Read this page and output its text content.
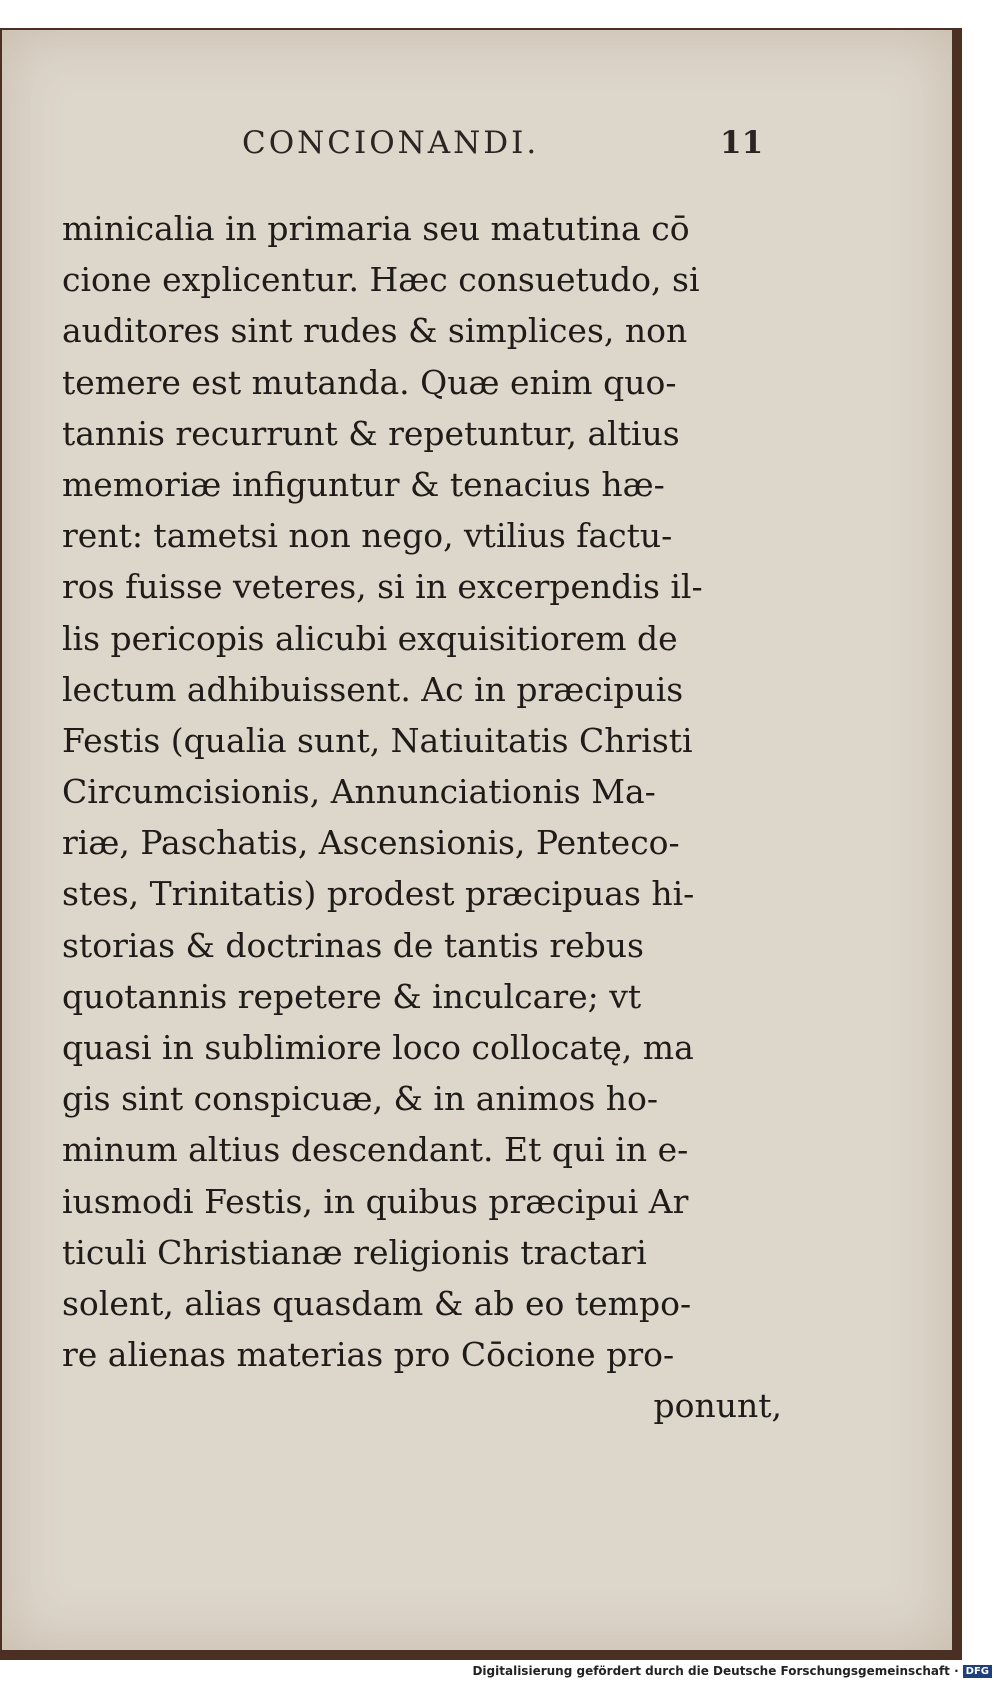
CONCIONANDI.	11
minicalia in primaria seu matutina cō
cione explicentur. Hæc consuetudo, si
auditores sint rudes & simplices, non
temere est mutanda. Quæ enim quo-
tannis recurrunt & repetuntur, altius
memoriæ infiguntur & tenacius hæ-
rent: tametsi non nego, vtilius factu-
ros fuisse veteres, si in excerpendis il-
lis pericopis alicubi exquisitiorem de
lectum adhibuissent. Ac in præcipuis
Festis (qualia sunt, Natiuitatis Christi
Circumcisionis, Annunciationis Ma-
riæ, Paschatis, Ascensionis, Penteco-
stes, Trinitatis) prodest præcipuas hi-
storias & doctrinas de tantis rebus
quotannis repetere & inculcare; vt
quasi in sublimiore loco collocatę, ma
gis sint conspicuæ, & in animos ho-
minum altius descendant. Et qui in e-
iusmodi Festis, in quibus præcipui Ar
ticuli Christianæ religionis tractari
solent, alias quasdam & ab eo tempo-
re alienas materias pro Cōcione pro-
ponunt,
Digitalisierung gefördert durch die Deutsche Forschungsgemeinschaft · DFG
